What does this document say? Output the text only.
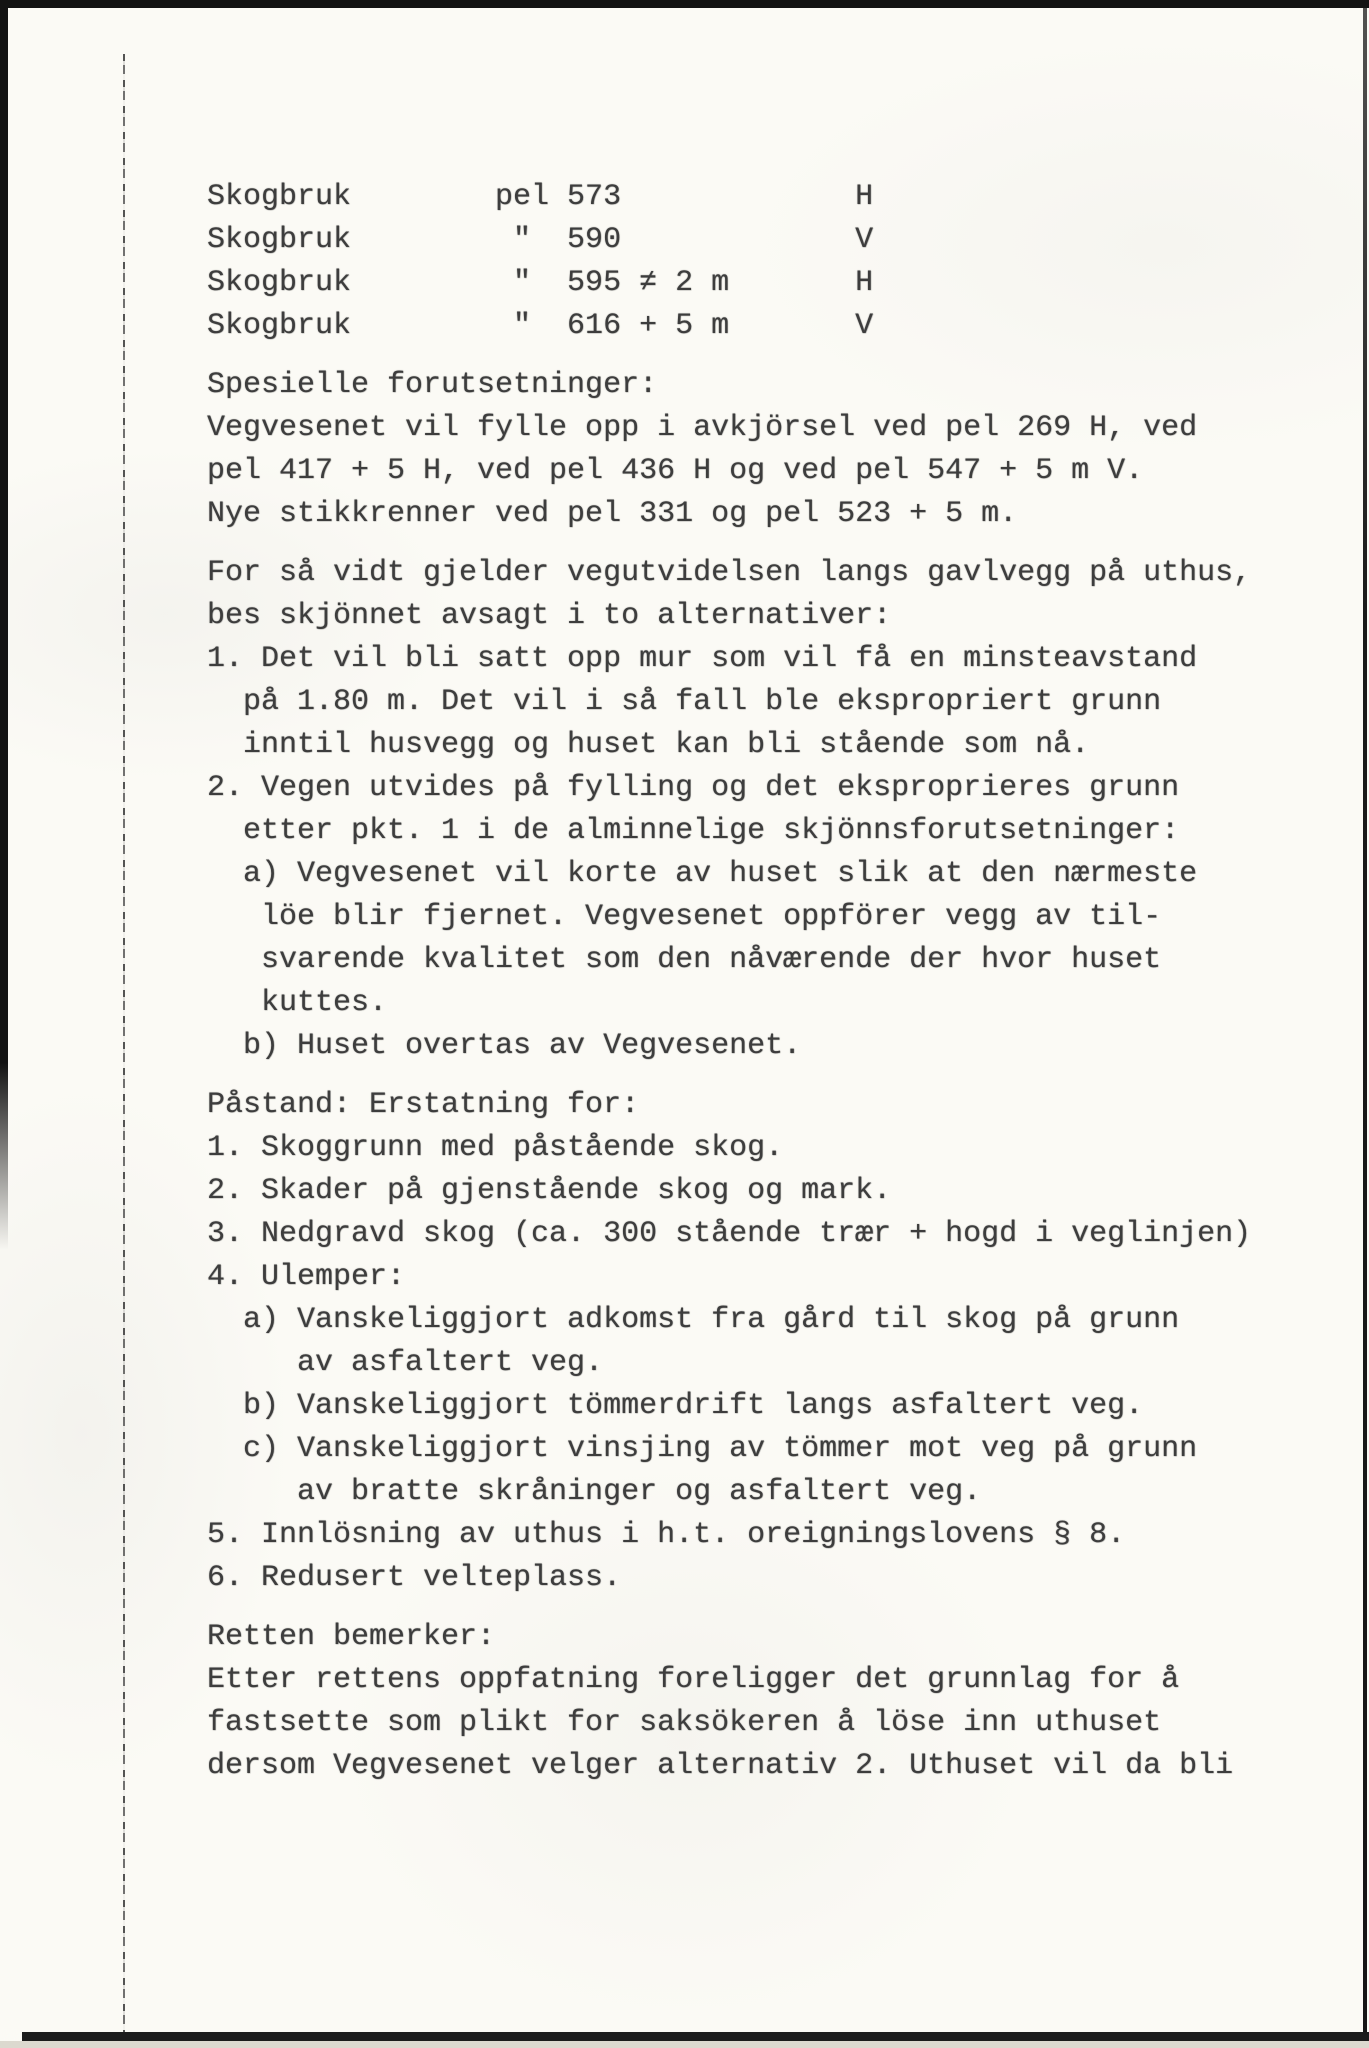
Skogbruk        pel 573             H
Skogbruk         "  590             V
Skogbruk         "  595 ≠ 2 m       H
Skogbruk         "  616 + 5 m       V
Spesielle forutsetninger:
Vegvesenet vil fylle opp i avkjörsel ved pel 269 H, ved
pel 417 + 5 H, ved pel 436 H og ved pel 547 + 5 m V.
Nye stikkrenner ved pel 331 og pel 523 + 5 m.
For så vidt gjelder vegutvidelsen langs gavlvegg på uthus,
bes skjönnet avsagt i to alternativer:
1. Det vil bli satt opp mur som vil få en minsteavstand
på 1.80 m. Det vil i så fall ble ekspropriert grunn
inntil husvegg og huset kan bli stående som nå.
2. Vegen utvides på fylling og det eksproprieres grunn
etter pkt. 1 i de alminnelige skjönnsforutsetninger:
a) Vegvesenet vil korte av huset slik at den nærmeste
löe blir fjernet. Vegvesenet oppförer vegg av til-
svarende kvalitet som den nåværende der hvor huset
kuttes.
b) Huset overtas av Vegvesenet.
Påstand: Erstatning for:
1. Skoggrunn med påstående skog.
2. Skader på gjenstående skog og mark.
3. Nedgravd skog (ca. 300 stående trær + hogd i veglinjen)
4. Ulemper:
a) Vanskeliggjort adkomst fra gård til skog på grunn
av asfaltert veg.
b) Vanskeliggjort tömmerdrift langs asfaltert veg.
c) Vanskeliggjort vinsjing av tömmer mot veg på grunn
av bratte skråninger og asfaltert veg.
5. Innlösning av uthus i h.t. oreigningslovens § 8.
6. Redusert velteplass.
Retten bemerker:
Etter rettens oppfatning foreligger det grunnlag for å
fastsette som plikt for saksökeren å löse inn uthuset
dersom Vegvesenet velger alternativ 2. Uthuset vil da bli
